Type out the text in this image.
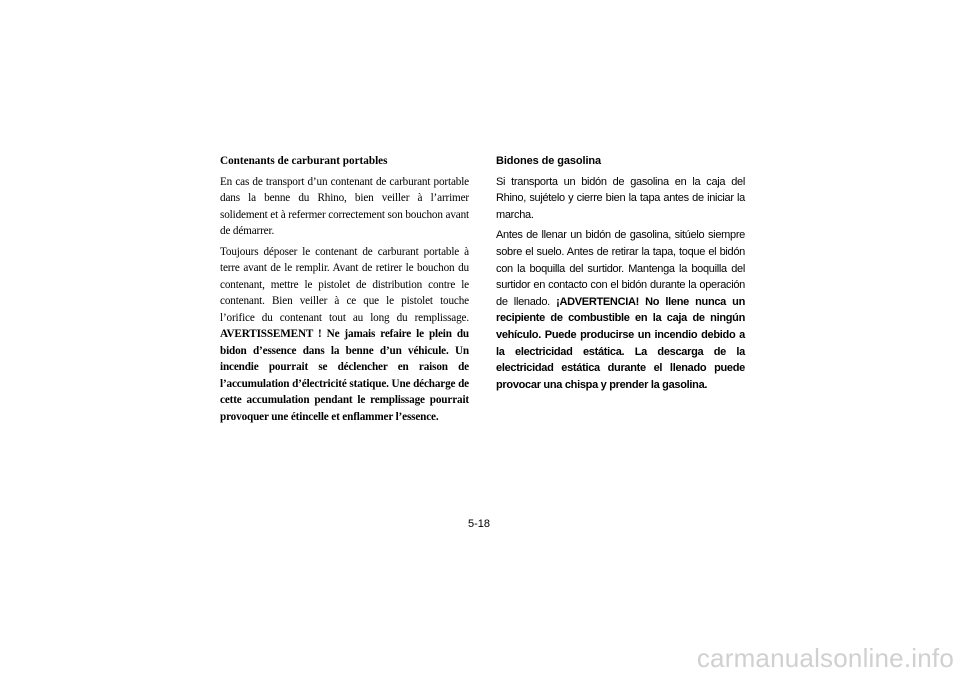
Contenants de carburant portables

En cas de transport d’un contenant de carburant portable dans la benne du Rhino, bien veiller à l’arrimer solidement et à refermer correctement son bouchon avant de démarrer.

Toujours déposer le contenant de carburant portable à terre avant de le remplir. Avant de retirer le bouchon du contenant, mettre le pistolet de distribution contre le contenant. Bien veiller à ce que le pistolet touche l’orifice du contenant tout au long du remplissage. AVERTISSEMENT ! Ne jamais refaire le plein du bidon d’essence dans la benne d’un véhicule. Un incendie pourrait se déclencher en raison de l’accumulation d’électricité statique. Une décharge de cette accumulation pendant le remplissage pourrait provoquer une étincelle et enflammer l’essence.

Bidones de gasolina

Si transporta un bidón de gasolina en la caja del Rhino, sujételo y cierre bien la tapa antes de iniciar la marcha.

Antes de llenar un bidón de gasolina, sitúelo siempre sobre el suelo. Antes de retirar la tapa, toque el bidón con la boquilla del surtidor. Mantenga la boquilla del surtidor en contacto con el bidón durante la operación de llenado. ¡ADVERTENCIA! No llene nunca un recipiente de combustible en la caja de ningún vehículo. Puede producirse un incendio debido a la electricidad estática. La descarga de la electricidad estática durante el llenado puede provocar una chispa y prender la gasolina.

5-18
carmanualsonline.info
